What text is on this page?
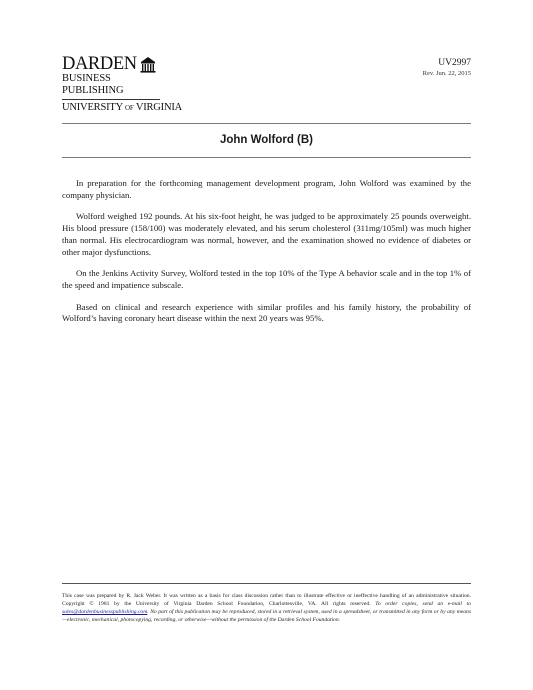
DARDEN
BUSINESS PUBLISHING
UNIVERSITY of VIRGINIA
UV2997
Rev. Jun. 22, 2015
John Wolford (B)

In preparation for the forthcoming management development program, John Wolford was examined by the company physician.

Wolford weighed 192 pounds. At his six-foot height, he was judged to be approximately 25 pounds overweight. His blood pressure (158/100) was moderately elevated, and his serum cholesterol (311mg/105ml) was much higher than normal. His electrocardiogram was normal, however, and the examination showed no evidence of diabetes or other major dysfunctions.

On the Jenkins Activity Survey, Wolford tested in the top 10% of the Type A behavior scale and in the top 1% of the speed and impatience subscale.

Based on clinical and research experience with similar profiles and his family history, the probability of Wolford’s having coronary heart disease within the next 20 years was 95%.

This case was prepared by R. Jack Weber. It was written as a basis for class discussion rather than to illustrate effective or ineffective handling of an administrative situation. Copyright © 1981 by the University of Virginia Darden School Foundation, Charlottesville, VA. All rights reserved. To order copies, send an e-mail to sales@dardenbusinesspublishing.com. No part of this publication may be reproduced, stored in a retrieval system, used in a spreadsheet, or transmitted in any form or by any means—electronic, mechanical, photocopying, recording, or otherwise—without the permission of the Darden School Foundation.
